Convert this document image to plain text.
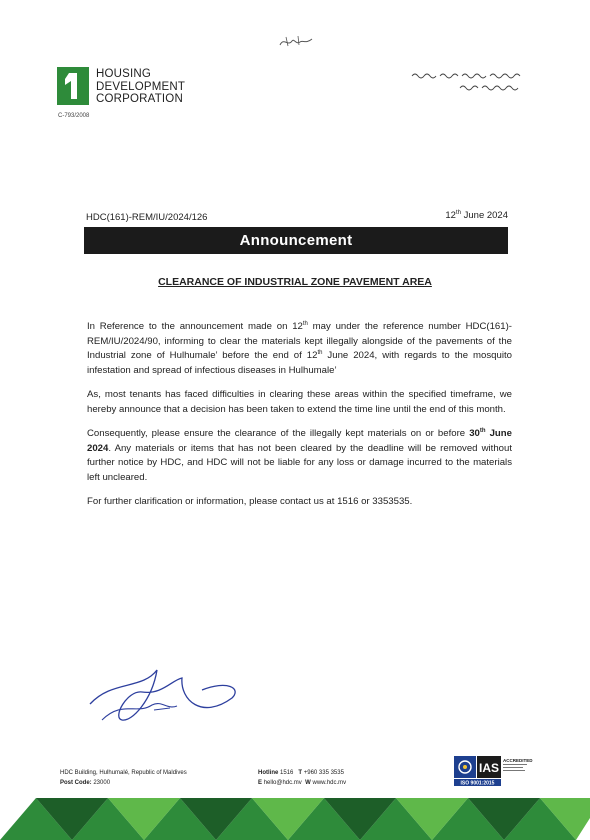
HOUSING
DEVELOPMENT
CORPORATION
C-793/2008
HDC(161)-REM/IU/2024/126	12th June 2024
Announcement
CLEARANCE OF INDUSTRIAL ZONE PAVEMENT AREA

In Reference to the announcement made on 12th may under the reference number HDC(161)-REM/IU/2024/90, informing to clear the materials kept illegally alongside of the pavements of the Industrial zone of Hulhumale’ before the end of 12th June 2024, with regards to the mosquito infestation and spread of infectious diseases in Hulhumale’

As, most tenants has faced difficulties in clearing these areas within the specified timeframe, we hereby announce that a decision has been taken to extend the time line until the end of this month.

Consequently, please ensure the clearance of the illegally kept materials on or before 30th June 2024. Any materials or items that has not been cleared by the deadline will be removed without further notice by HDC, and HDC will not be liable for any loss or damage incurred to the materials left uncleared.

For further clarification or information, please contact us at 1516 or 3353535.

HDC Building, Hulhumalé, Republic of Maldives
Post Code: 23000
Hotline 1516 T +960 335 3535
E hello@hdc.mv W www.hdc.mv
IAS
ACCREDITED
ISO 9001:2015
